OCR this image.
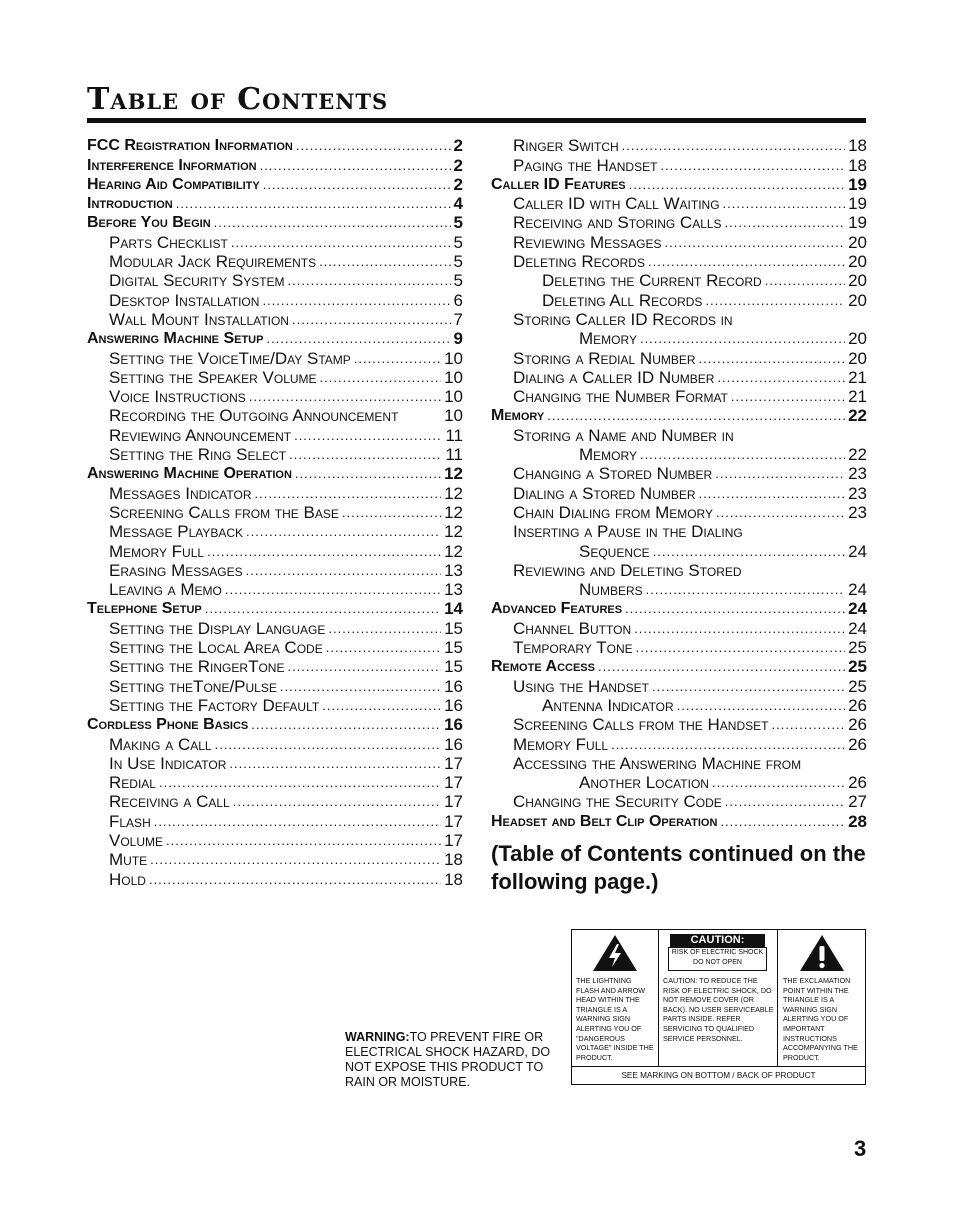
Table of Contents
FCC Registration Information .....	2
Interference Information .....	2
Hearing Aid Compatibility .....	2
Introduction .....	4
Before You Begin .....	5
Parts Checklist .....	5
Modular Jack Requirements .....	5
Digital Security System .....	5
Desktop Installation .....	6
Wall Mount Installation .....	7
Answering Machine Setup .....	9
Setting the VoiceTime/Day Stamp .....	10
Setting the Speaker Volume .....	10
Voice Instructions .....	10
Recording the Outgoing Announcement	10
Reviewing Announcement .....	11
Setting the Ring Select .....	11
Answering Machine Operation .....	12
Messages Indicator .....	12
Screening Calls from the Base .....	12
Message Playback .....	12
Memory Full .....	12
Erasing Messages .....	13
Leaving a Memo .....	13
Telephone Setup .....	14
Setting the Display Language .....	15
Setting the Local Area Code .....	15
Setting the RingerTone .....	15
Setting theTone/Pulse .....	16
Setting the Factory Default .....	16
Cordless Phone Basics .....	16
Making a Call .....	16
In Use Indicator .....	17
Redial .....	17
Receiving a Call .....	17
Flash .....	17
Volume .....	17
Mute .....	18
Hold .....	18
Ringer Switch .....	18
Paging the Handset .....	18
Caller ID Features .....	19
Caller ID with Call Waiting .....	19
Receiving and Storing Calls .....	19
Reviewing Messages .....	20
Deleting Records .....	20
Deleting the Current Record .....	20
Deleting All Records .....	20
Storing Caller ID Records in
Memory .....	20
Storing a Redial Number .....	20
Dialing a Caller ID Number .....	21
Changing the Number Format .....	21
Memory .....	22
Storing a Name and Number in
Memory .....	22
Changing a Stored Number .....	23
Dialing a Stored Number .....	23
Chain Dialing from Memory .....	23
Inserting a Pause in the Dialing
Sequence .....	24
Reviewing and Deleting Stored
Numbers .....	24
Advanced Features .....	24
Channel Button .....	24
Temporary Tone .....	25
Remote Access .....	25
Using the Handset .....	25
Antenna Indicator .....	26
Screening Calls from the Handset .....	26
Memory Full .....	26
Accessing the Answering Machine from
Another Location .....	26
Changing the Security Code .....	27
Headset and Belt Clip Operation .....	28
(Table of Contents continued on the following page.)
WARNING:TO PREVENT FIRE OR ELECTRICAL SHOCK HAZARD, DO NOT EXPOSE THIS PRODUCT TO RAIN OR MOISTURE.
THE LIGHTNING FLASH AND ARROW HEAD WITHIN THE TRIANGLE IS A WARNING SIGN ALERTING YOU OF "DANGEROUS VOLTAGE" INSIDE THE PRODUCT.
CAUTION:
RISK OF ELECTRIC SHOCK
DO NOT OPEN
CAUTION: TO REDUCE THE RISK OF ELECTRIC SHOCK, DO NOT REMOVE COVER (OR BACK). NO USER SERVICEABLE PARTS INSIDE. REFER SERVICING TO QUALIFIED SERVICE PERSONNEL.
THE EXCLAMATION POINT WITHIN THE TRIANGLE IS A WARNING SIGN ALERTING YOU OF IMPORTANT INSTRUCTIONS ACCOMPANYING THE PRODUCT.
SEE MARKING ON BOTTOM / BACK OF PRODUCT
3
